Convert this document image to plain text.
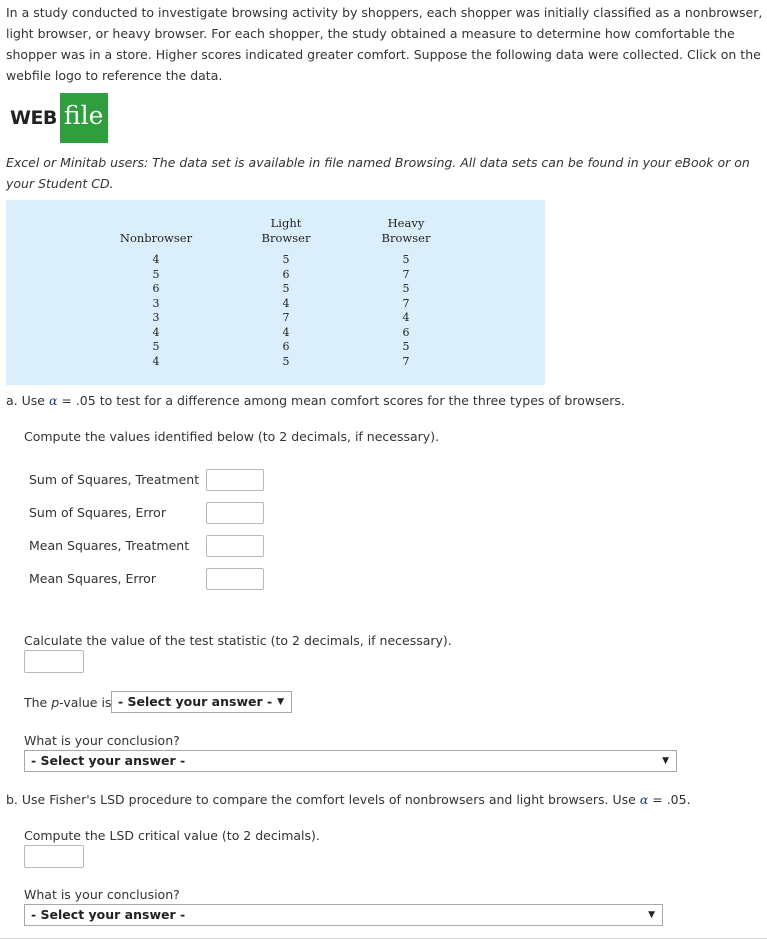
In a study conducted to investigate browsing activity by shoppers, each shopper was initially classified as a nonbrowser, light browser, or heavy browser. For each shopper, the study obtained a measure to determine how comfortable the shopper was in a store. Higher scores indicated greater comfort. Suppose the following data were collected. Click on the webfile logo to reference the data.
WEB file
Excel or Minitab users: The data set is available in file named Browsing. All data sets can be found in your eBook or on your Student CD.
Nonbrowser
Light
Browser
Heavy
Browser
4
5
6
3
3
4
5
4
5
6
5
4
7
4
6
5
5
7
5
7
4
6
5
7
a. Use α = .05 to test for a difference among mean comfort scores for the three types of browsers.
Compute the values identified below (to 2 decimals, if necessary).
Sum of Squares, Treatment
Sum of Squares, Error
Mean Squares, Treatment
Mean Squares, Error
Calculate the value of the test statistic (to 2 decimals, if necessary).
The p-value is - Select your answer - ▼
What is your conclusion?
- Select your answer -	▼
b. Use Fisher's LSD procedure to compare the comfort levels of nonbrowsers and light browsers. Use α = .05.
Compute the LSD critical value (to 2 decimals).
What is your conclusion?
- Select your answer -	▼
